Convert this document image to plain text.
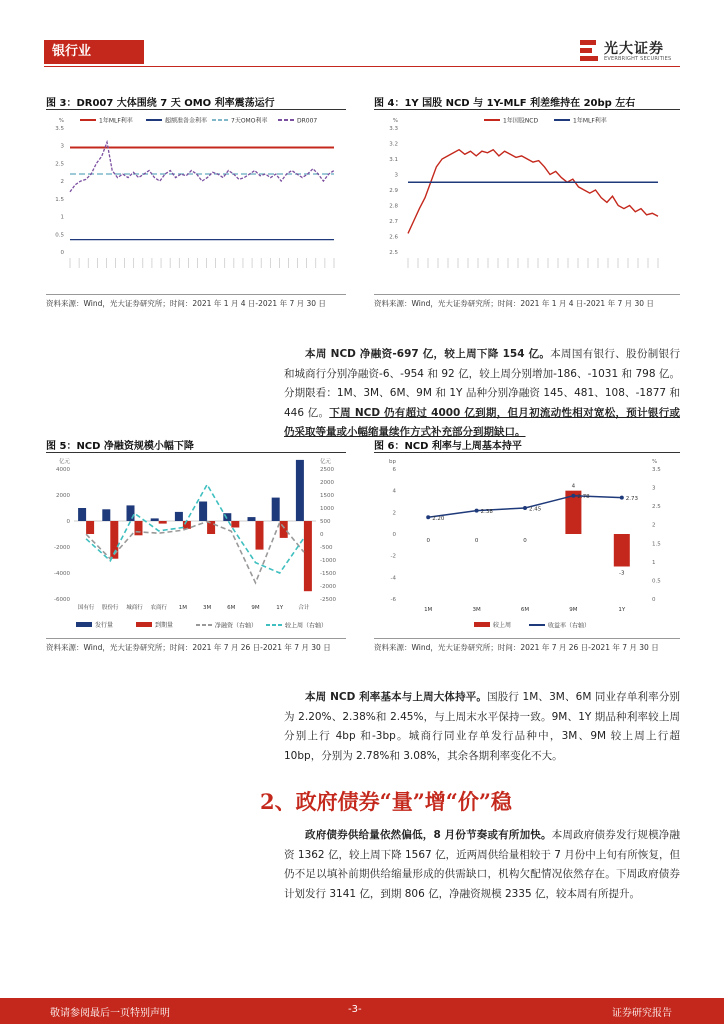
银行业	光大证券
EVERBRIGHT SECURITIES
图 3：DR007 大体围绕 7 天 OMO 利率震荡运行
3.5
3
2.5
2
1.5
1
0.5
0
%	1年MLF利率	超额准备金利率	7天OMO利率	DR007
资料来源：Wind，光大证券研究所；时间：2021 年 1 月 4 日-2021 年 7 月 30 日
图 4：1Y 国股 NCD 与 1Y-MLF 利差维持在 20bp 左右
3.3
3.2
3.1
3
2.9
2.8
2.7
2.6
2.5
%	1年国股NCD	1年MLF利率
资料来源：Wind，光大证券研究所；时间：2021 年 1 月 4 日-2021 年 7 月 30 日

本周 NCD 净融资-697 亿，较上周下降 154 亿。本周国有银行、股份制银行和城商行分别净融资-6、-954 和 92 亿，较上周分别增加-186、-1031 和 798 亿。分期限看：1M、3M、6M、9M 和 1Y 品种分别净融资 145、481、108、-1877 和 446 亿。下周 NCD 仍有超过 4000 亿到期，但月初流动性相对宽松，预计银行或仍采取等量或小幅缩量续作方式补充部分到期缺口。

图 5：NCD 净融资规模小幅下降
4000
2000
0
-2000
-4000
-6000
2500
2000
1500
1000
500
0
-500
-1000
-1500
-2000
-2500
亿元	亿元
国有行 股份行 城商行 农商行 1M	3M	6M	9M	1Y	合计
发行量	到期量	净融资（右轴）	较上周（右轴）
资料来源：Wind，光大证券研究所；时间：2021 年 7 月 26 日-2021 年 7 月 30 日
图 6：NCD 利率与上周基本持平
6
4
2
0
-2
-4
-6
3.5
3
2.5
2
1.5
1
0.5
0
bp	%
0
1M
0
3M
0
6M
4
9M
-3
1Y
2.20
2.38	2.45
2.78	2.73
较上周	收益率（右轴）
资料来源：Wind，光大证券研究所；时间：2021 年 7 月 26 日-2021 年 7 月 30 日

本周 NCD 利率基本与上周大体持平。国股行 1M、3M、6M 同业存单利率分别为 2.20%、2.38%和 2.45%，与上周末水平保持一致。9M、1Y 期品种利率较上周分别上行 4bp 和-3bp。城商行同业存单发行品种中，3M、9M 较上周上行超 10bp，分别为 2.78%和 3.08%，其余各期利率变化不大。

2、政府债券“量”增“价”稳

政府债券供给量依然偏低，8 月份节奏或有所加快。本周政府债券发行规模净融资 1362 亿，较上周下降 1567 亿，近两周供给量相较于 7 月份中上旬有所恢复，但仍不足以填补前期供给缩量形成的供需缺口，机构欠配情况依然存在。下周政府债券计划发行 3141 亿，到期 806 亿，净融资规模 2335 亿，较本周有所提升。

敬请参阅最后一页特别声明	-3-	证券研究报告
